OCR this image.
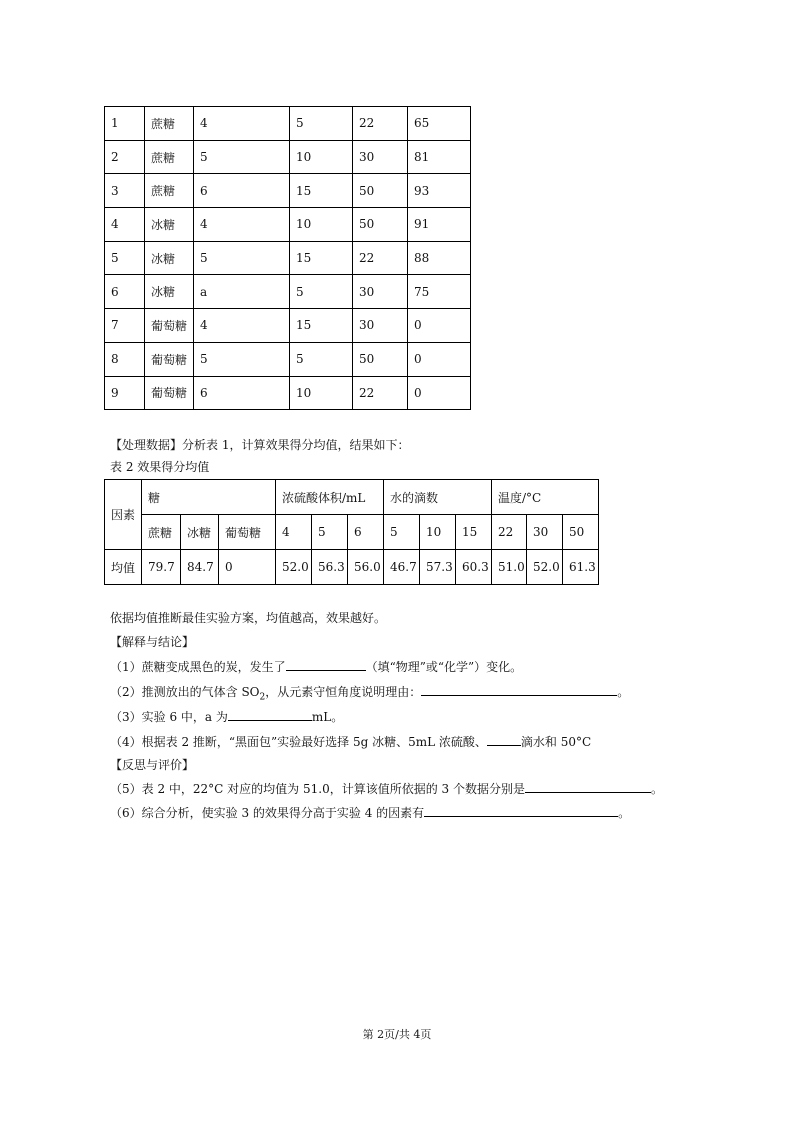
1	蔗糖	4	5	22	65
2	蔗糖	5	10	30	81
3	蔗糖	6	15	50	93
4	冰糖	4	10	50	91
5	冰糖	5	15	22	88
6	冰糖	a	5	30	75
7	葡萄糖	4	15	30	0
8	葡萄糖	5	5	50	0
9	葡萄糖	6	10	22	0
【处理数据】分析表 1，计算效果得分均值，结果如下：
表 2 效果得分均值
因素	糖			浓硫酸体积/mL			水的滴数			温度/°C		
	蔗糖	冰糖	葡萄糖	4	5	6	5	10	15	22	30	50
均值	79.7	84.7	0	52.0	56.3	56.0	46.7	57.3	60.3	51.0	52.0	61.3
依据均值推断最佳实验方案，均值越高，效果越好。
【解释与结论】
（1）蔗糖变成黑色的炭，发生了	（填“物理”或“化学”）变化。
（2）推测放出的气体含 $SO_2$，从元素守恒角度说明理由：	。
（3）实验 6 中，a 为	mL。
（4）根据表 2 推断，“黑面包”实验最好选择 5g 冰糖、5mL 浓硫酸、	滴水和 50°C
【反思与评价】
（5）表 2 中，22°C 对应的均值为 51.0，计算该值所依据的 3 个数据分别是	。
（6）综合分析，使实验 3 的效果得分高于实验 4 的因素有	。
第 2页/共 4页
